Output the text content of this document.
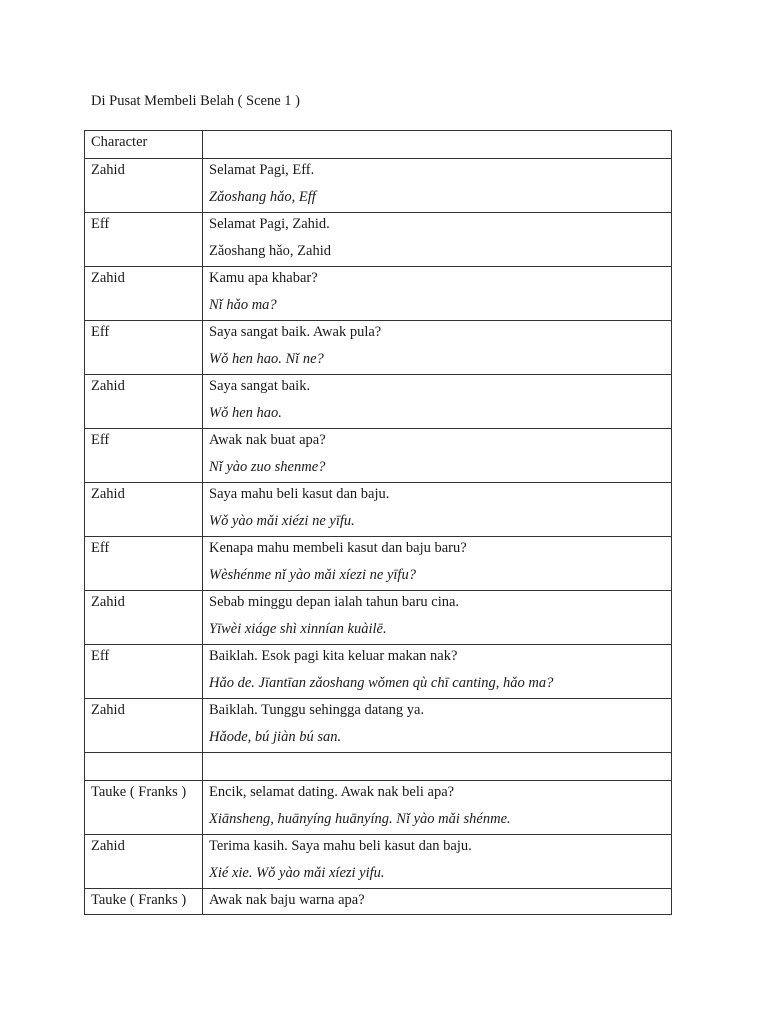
Di Pusat Membeli Belah ( Scene 1 )
Character	

Zahid	Selamat Pagi, Eff.
Zǎoshang hǎo, Eff

Eff	Selamat Pagi, Zahid.
Zǎoshang hǎo, Zahid

Zahid	Kamu apa khabar?
Nǐ hǎo ma?

Eff	Saya sangat baik. Awak pula?
Wǒ hen hao. Nǐ ne?

Zahid	Saya sangat baik.
Wǒ hen hao.

Eff	Awak nak buat apa?
Nǐ yào zuo shenme?

Zahid	Saya mahu beli kasut dan baju.
Wǒ yào mǎi xiézi ne yīfu.

Eff	Kenapa mahu membeli kasut dan baju baru?
Wèshénme nǐ yào mǎi xíezi ne yīfu?

Zahid	Sebab minggu depan ialah tahun baru cina.
Yīwèi xiáge shì xinnían kuàilē.

Eff	Baiklah. Esok pagi kita keluar makan nak?
Hǎo de. Jīantīan zǎoshang wǒmen qù chī canting, hǎo ma?

Zahid	Baiklah. Tunggu sehingga datang ya.
Hǎode, bú jiàn bú san.

Tauke ( Franks )	Encik, selamat dating. Awak nak beli apa?
Xiānsheng, huānyíng huānyíng. Nǐ yào mǎi shénme.

Zahid	Terima kasih. Saya mahu beli kasut dan baju.
Xié xie. Wǒ yào mǎi xíezi yifu.

Tauke ( Franks )	Awak nak baju warna apa?
